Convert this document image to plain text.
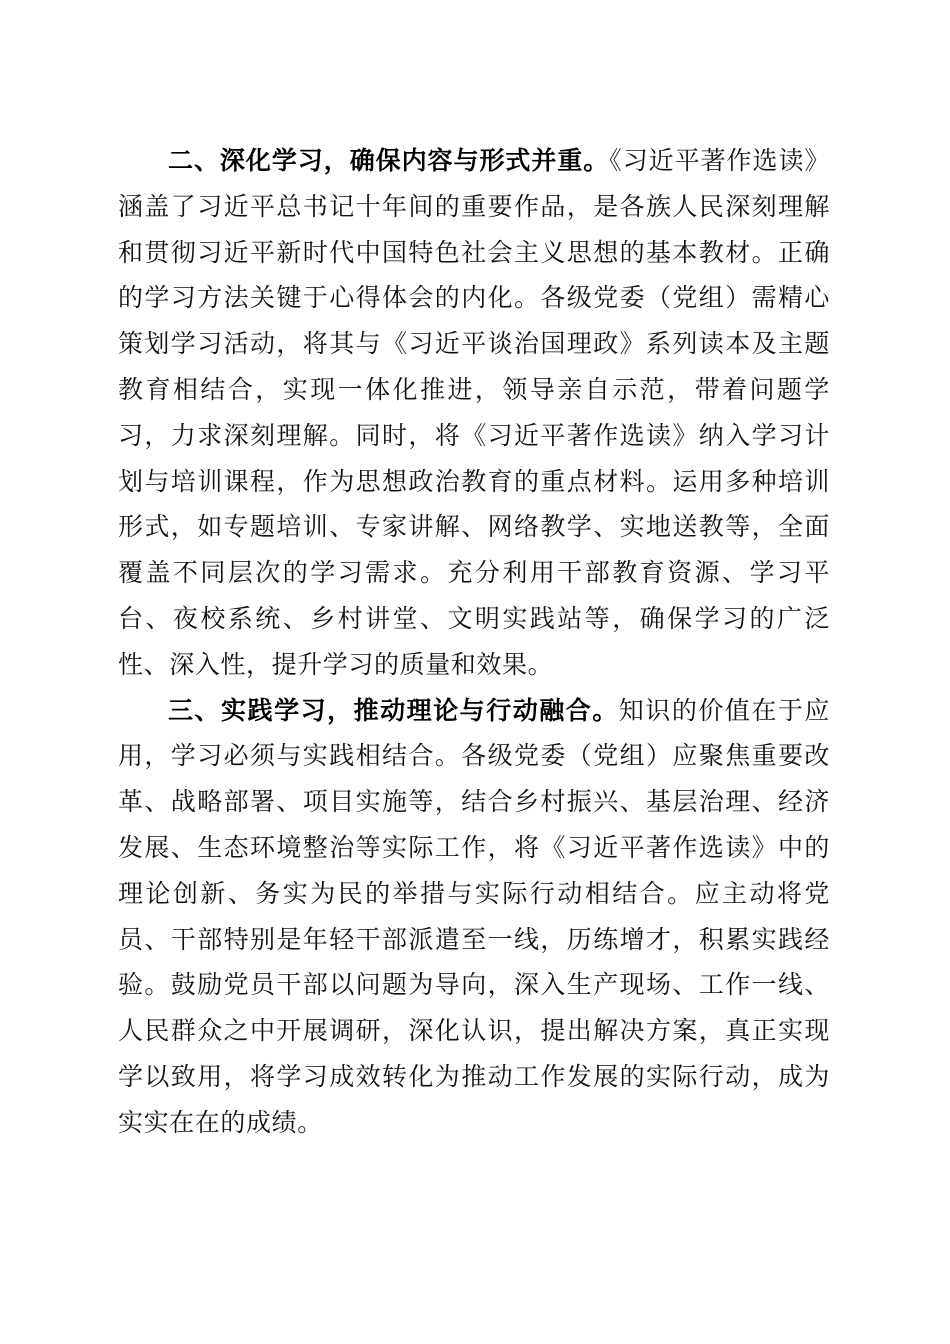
二、深化学习，确保内容与形式并重。《习近平著作选读》涵盖了习近平总书记十年间的重要作品，是各族人民深刻理解和贯彻习近平新时代中国特色社会主义思想的基本教材。正确的学习方法关键于心得体会的内化。各级党委（党组）需精心策划学习活动，将其与《习近平谈治国理政》系列读本及主题教育相结合，实现一体化推进，领导亲自示范，带着问题学习，力求深刻理解。同时，将《习近平著作选读》纳入学习计划与培训课程，作为思想政治教育的重点材料。运用多种培训形式，如专题培训、专家讲解、网络教学、实地送教等，全面覆盖不同层次的学习需求。充分利用干部教育资源、学习平台、夜校系统、乡村讲堂、文明实践站等，确保学习的广泛性、深入性，提升学习的质量和效果。

三、实践学习，推动理论与行动融合。知识的价值在于应用，学习必须与实践相结合。各级党委（党组）应聚焦重要改革、战略部署、项目实施等，结合乡村振兴、基层治理、经济发展、生态环境整治等实际工作，将《习近平著作选读》中的理论创新、务实为民的举措与实际行动相结合。应主动将党员、干部特别是年轻干部派遣至一线，历练增才，积累实践经验。鼓励党员干部以问题为导向，深入生产现场、工作一线、人民群众之中开展调研，深化认识，提出解决方案，真正实现学以致用，将学习成效转化为推动工作发展的实际行动，成为实实在在的成绩。
